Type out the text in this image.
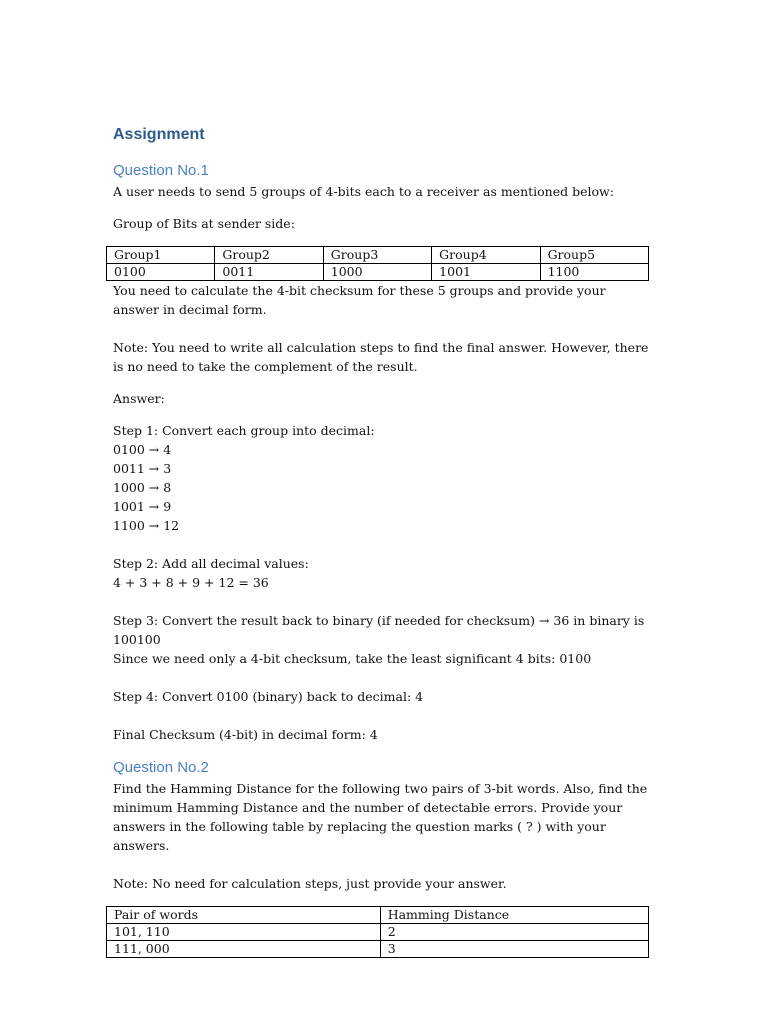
Assignment
Question No.1

A user needs to send 5 groups of 4-bits each to a receiver as mentioned below:

Group of Bits at sender side:

Group1	Group2	Group3	Group4	Group5
0100	0011	1000	1001	1100

You need to calculate the 4-bit checksum for these 5 groups and provide your answer in decimal form.

Note: You need to write all calculation steps to find the final answer. However, there is no need to take the complement of the result.

Answer:

Step 1: Convert each group into decimal:

0100 → 4

0011 → 3

1000 → 8

1001 → 9

1100 → 12

Step 2: Add all decimal values:

4 + 3 + 8 + 9 + 12 = 36

Step 3: Convert the result back to binary (if needed for checksum) → 36 in binary is 100100

Since we need only a 4-bit checksum, take the least significant 4 bits: 0100

Step 4: Convert 0100 (binary) back to decimal: 4

Final Checksum (4-bit) in decimal form: 4

Question No.2

Find the Hamming Distance for the following two pairs of 3-bit words. Also, find the minimum Hamming Distance and the number of detectable errors. Provide your answers in the following table by replacing the question marks ( ? ) with your answers.

Note: No need for calculation steps, just provide your answer.

Pair of words	Hamming Distance
101, 110	2
111, 000	3
